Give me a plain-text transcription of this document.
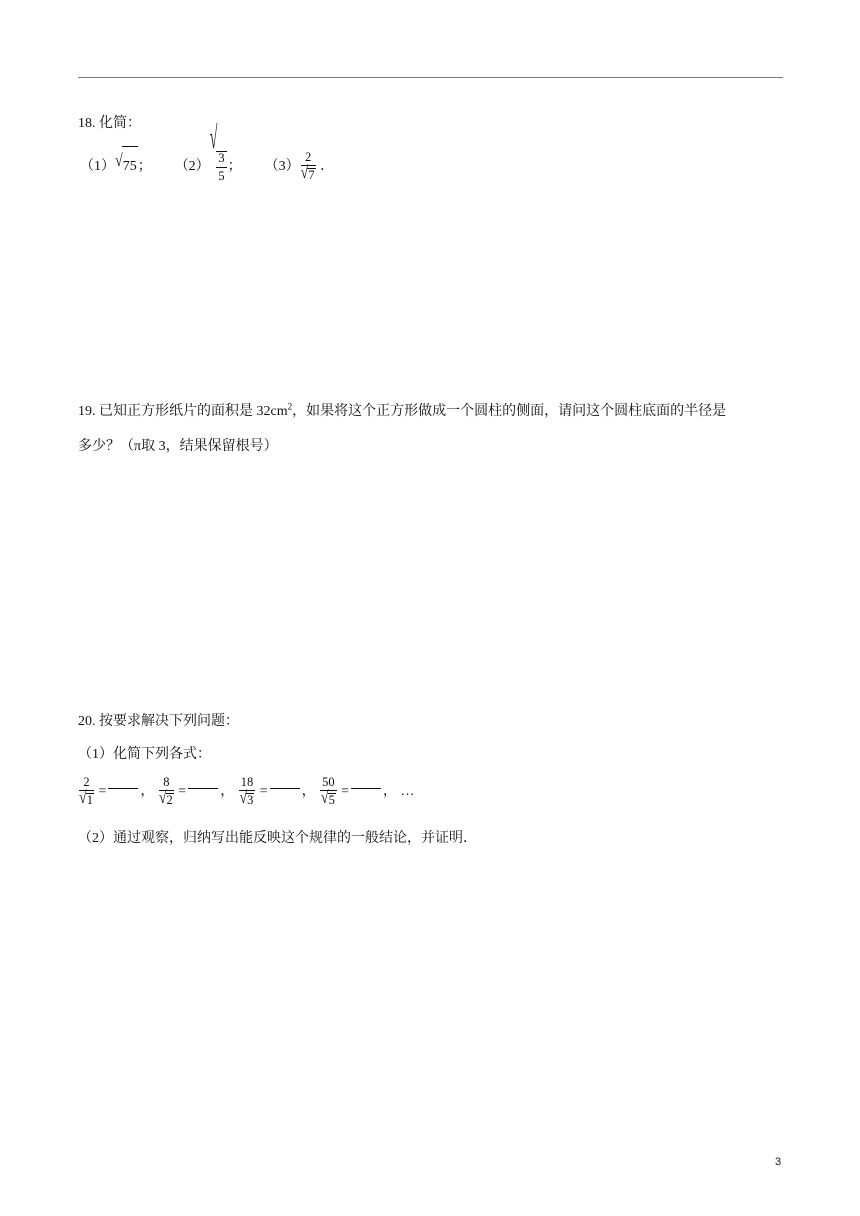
18. 化简：
（1）√75； （2）√
$\frac{3}{5}$ ； $(3) \frac{2}{√7}$ ．
19. 已知正方形纸片的面积是 $32cm^2$，如果将这个正方形做成一个圆柱的侧面，请问这个圆柱底面的半径是
多少？（π取 3，结果保留根号）
20. 按要求解决下列问题：
（1）化简下列各式：
$\frac{2}{√1}$ = ， $\frac{8}{√2}$ = ， $\frac{18}{√3}$ = ， $\frac{50}{√5}$ = ， …
（2）通过观察，归纳写出能反映这个规律的一般结论，并证明．
3
